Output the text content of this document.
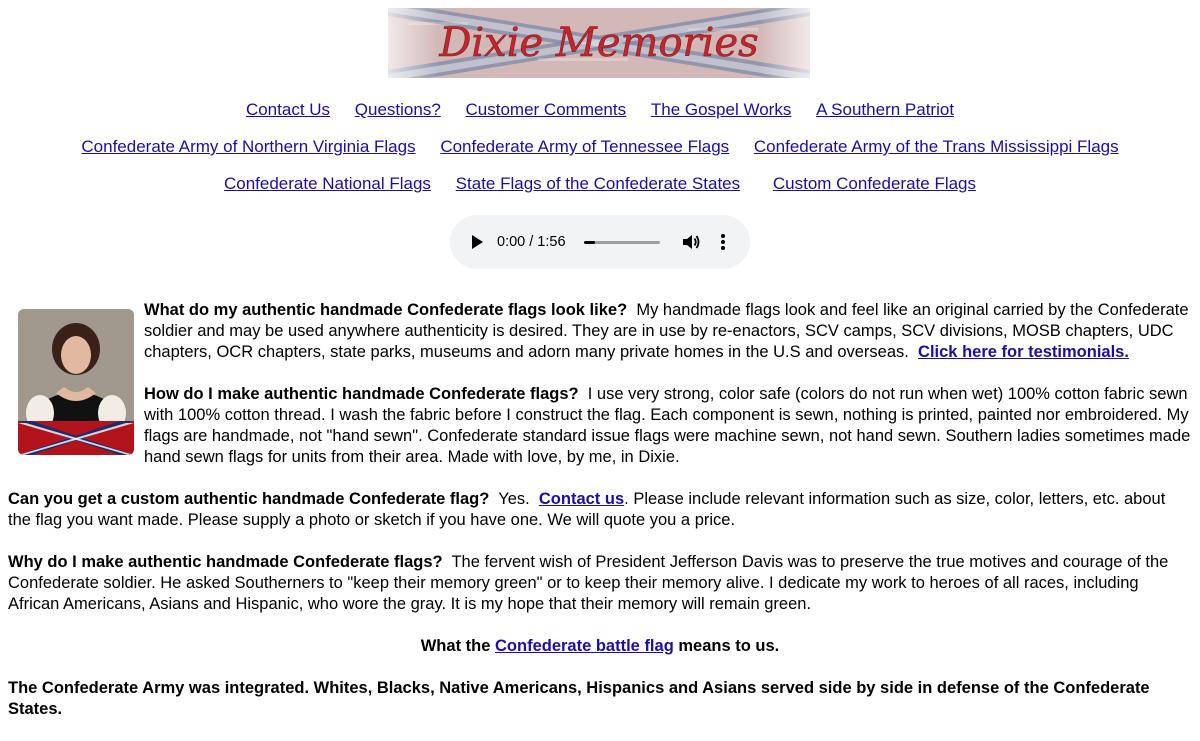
Dixie Memories
Contact Us Questions? Customer Comments The Gospel Works A Southern Patriot
Confederate Army of Northern Virginia Flags Confederate Army of Tennessee Flags Confederate Army of the Trans Mississippi Flags
Confederate National Flags State Flags of the Confederate States Custom Confederate Flags
0:00 / 1:56

What do my authentic handmade Confederate flags look like? My handmade flags look and feel like an original carried by the Confederate soldier and may be used anywhere authenticity is desired. They are in use by re-enactors, SCV camps, SCV divisions, MOSB chapters, UDC chapters, OCR chapters, state parks, museums and adorn many private homes in the U.S and overseas. Click here for testimonials.

How do I make authentic handmade Confederate flags? I use very strong, color safe (colors do not run when wet) 100% cotton fabric sewn with 100% cotton thread. I wash the fabric before I construct the flag. Each component is sewn, nothing is printed, painted nor embroidered. My flags are handmade, not "hand sewn". Confederate standard issue flags were machine sewn, not hand sewn. Southern ladies sometimes made hand sewn flags for units from their area. Made with love, by me, in Dixie.

Can you get a custom authentic handmade Confederate flag? Yes. Contact us. Please include relevant information such as size, color, letters, etc. about the flag you want made. Please supply a photo or sketch if you have one. We will quote you a price.

Why do I make authentic handmade Confederate flags? The fervent wish of President Jefferson Davis was to preserve the true motives and courage of the Confederate soldier. He asked Southerners to "keep their memory green" or to keep their memory alive. I dedicate my work to heroes of all races, including African Americans, Asians and Hispanic, who wore the gray. It is my hope that their memory will remain green.

What the Confederate battle flag means to us.

The Confederate Army was integrated. Whites, Blacks, Native Americans, Hispanics and Asians served side by side in defense of the Confederate States.
